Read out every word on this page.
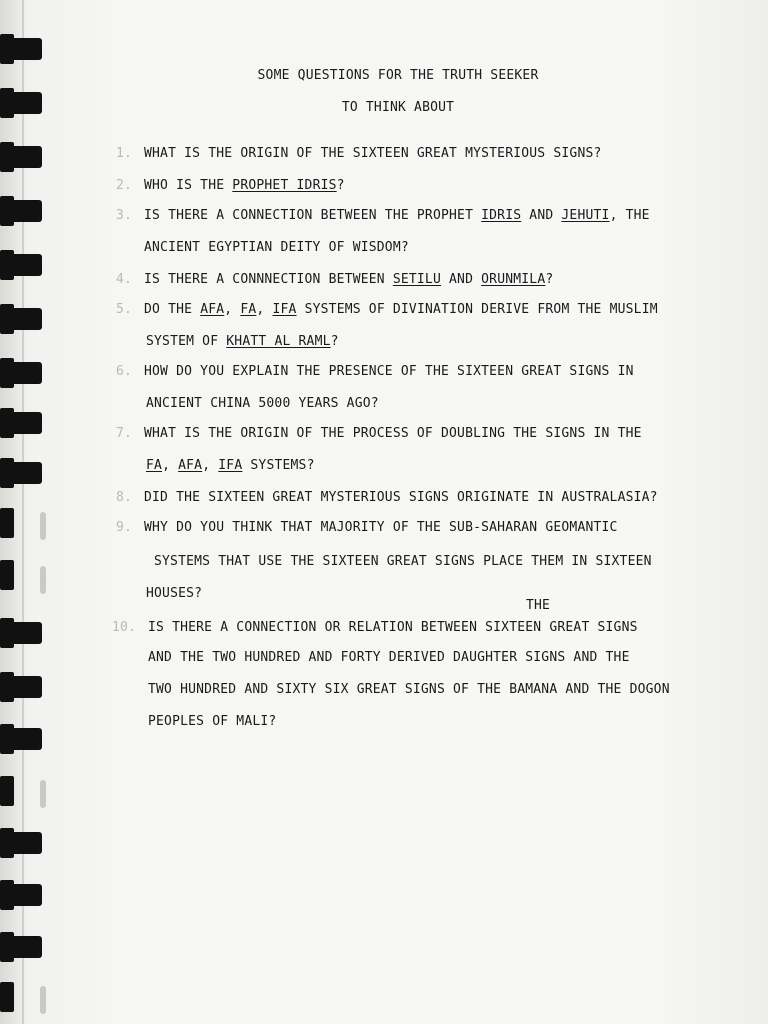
SOME QUESTIONS FOR THE TRUTH SEEKER
TO THINK ABOUT
1. WHAT IS THE ORIGIN OF THE SIXTEEN GREAT MYSTERIOUS SIGNS?
2. WHO IS THE PROPHET IDRIS?
3. IS THERE A CONNECTION BETWEEN THE PROPHET IDRIS AND JEHUTI, THE
ANCIENT EGYPTIAN DEITY OF WISDOM?
4. IS THERE A CONNNECTION BETWEEN SETILU AND ORUNMILA?
5. DO THE AFA, FA, IFA SYSTEMS OF DIVINATION DERIVE FROM THE MUSLIM
SYSTEM OF KHATT AL RAML?
6. HOW DO YOU EXPLAIN THE PRESENCE OF THE SIXTEEN GREAT SIGNS IN
ANCIENT CHINA 5000 YEARS AGO?
7. WHAT IS THE ORIGIN OF THE PROCESS OF DOUBLING THE SIGNS IN THE
FA, AFA, IFA SYSTEMS?
8. DID THE SIXTEEN GREAT MYSTERIOUS SIGNS ORIGINATE IN AUSTRALASIA?
9. WHY DO YOU THINK THAT MAJORITY OF THE SUB-SAHARAN GEOMANTIC
SYSTEMS THAT USE THE SIXTEEN GREAT SIGNS PLACE THEM IN SIXTEEN
HOUSES?
THE
10. IS THERE A CONNECTION OR RELATION BETWEEN SIXTEEN GREAT SIGNS
AND THE TWO HUNDRED AND FORTY DERIVED DAUGHTER SIGNS AND THE
TWO HUNDRED AND SIXTY SIX GREAT SIGNS OF THE BAMANA AND THE DOGON
PEOPLES OF MALI?
